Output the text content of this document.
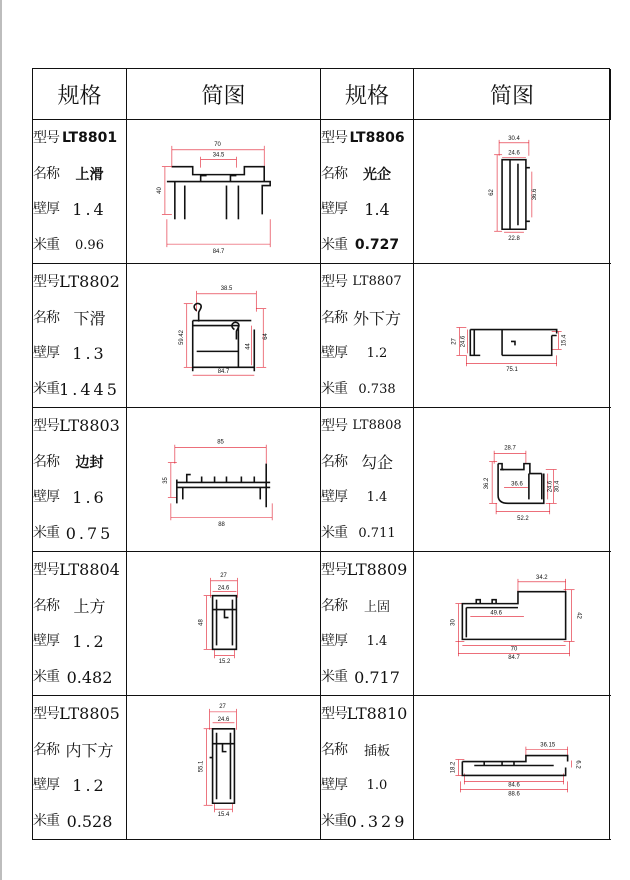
规格	简图	规格	简图
型号 LT8801
名称	上滑
壁厚 1.4
米重	0.96
70
34.5
40
84.7
型号 LT8806
名称	光企
壁厚	1.4
米重 0.727
30.4
24.6
62	36.6
22.8
型号 LT8802
名称 下滑
壁厚 1.3
米重 1.445
38.5
59.42
44
64
84.7
型号 LT8807
名称 外下方
壁厚	1.2
米重 0.738
27 24.6	15.4
75.1
型号 LT8803
名称	边封
壁厚 1.6
米重 0.75
85
35
88
型号 LT8808
名称 勾企
壁厚	1.4
米重 0.711
28.7
36.2	36.6	24.6 30.4
52.2
型号 LT8804
名称 上方
壁厚 1.2
米重 0.482
27
24.6
48
15.2
型号 LT8809
名称	上固
壁厚	1.4
米重 0.717
34.2
30
49.6	42
70
84.7
型号 LT8805
名称 内下方
壁厚 1.2
米重 0.528
27
24.6
55.1
15.4
型号 LT8810
名称	插板
壁厚	1.0
米重 0.329
36.15
18.2	6.2
84.6
88.6
